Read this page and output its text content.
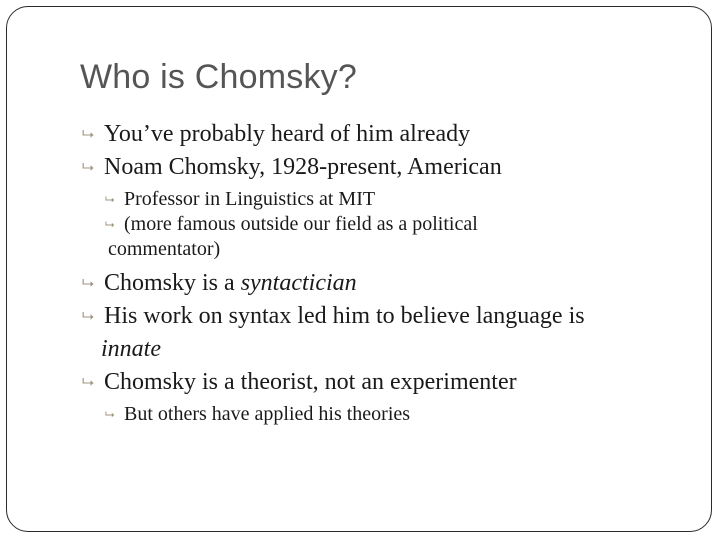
Who is Chomsky?
⮡ You’ve probably heard of him already
⮡ Noam Chomsky, 1928-present, American
⮡ Professor in Linguistics at MIT
⮡ (more famous outside our field as a political
commentator)
⮡ Chomsky is a syntactician
⮡ His work on syntax led him to believe language is
innate
⮡ Chomsky is a theorist, not an experimenter
⮡ But others have applied his theories
